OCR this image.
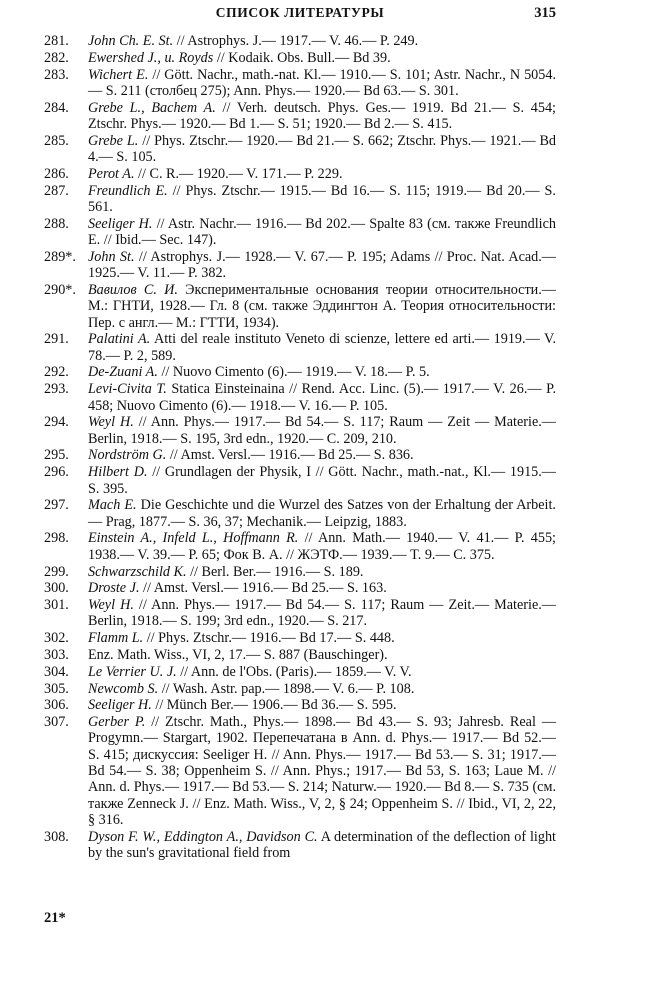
СПИСОК ЛИТЕРАТУРЫ	315

281. John Ch. E. St. // Astrophys. J.— 1917.— V. 46.— P. 249.

282. Ewershed J., u. Royds // Kodaik. Obs. Bull.— Bd 39.

283. Wichert E. // Gött. Nachr., math.-nat. Kl.— 1910.— S. 101; Astr. Nachr., N 5054.— S. 211 (столбец 275); Ann. Phys.— 1920.— Bd 63.— S. 301.

284. Grebe L., Bachem A. // Verh. deutsch. Phys. Ges.— 1919. Bd 21.— S. 454; Ztschr. Phys.— 1920.— Bd 1.— S. 51; 1920.— Bd 2.— S. 415.

285. Grebe L. // Phys. Ztschr.— 1920.— Bd 21.— S. 662; Ztschr. Phys.— 1921.— Bd 4.— S. 105.

286. Perot A. // C. R.— 1920.— V. 171.— P. 229.

287. Freundlich E. // Phys. Ztschr.— 1915.— Bd 16.— S. 115; 1919.— Bd 20.— S. 561.

288. Seeliger H. // Astr. Nachr.— 1916.— Bd 202.— Spalte 83 (см. также Freundlich E. // Ibid.— Sec. 147).

289*. John St. // Astrophys. J.— 1928.— V. 67.— P. 195; Adams // Proc. Nat. Acad.— 1925.— V. 11.— P. 382.

290*. Вавилов С. И. Экспериментальные основания теории относительности.— М.: ГНТИ, 1928.— Гл. 8 (см. также Эддингтон А. Теория относительности: Пер. с англ.— М.: ГТТИ, 1934).

291. Palatini A. Atti del reale instituto Veneto di scienze, lettere ed arti.— 1919.— V. 78.— P. 2, 589.

292. De-Zuani A. // Nuovo Cimento (6).— 1919.— V. 18.— P. 5.

293. Levi-Civita T. Statica Einsteinaina // Rend. Acc. Linc. (5).— 1917.— V. 26.— P. 458; Nuovo Cimento (6).— 1918.— V. 16.— P. 105.

294. Weyl H. // Ann. Phys.— 1917.— Bd 54.— S. 117; Raum — Zeit — Materie.— Berlin, 1918.— S. 195, 3rd edn., 1920.— C. 209, 210.

295. Nordström G. // Amst. Versl.— 1916.— Bd 25.— S. 836.

296. Hilbert D. // Grundlagen der Physik, I // Gött. Nachr., math.-nat., Kl.— 1915.— S. 395.

297. Mach E. Die Geschichte und die Wurzel des Satzes von der Erhaltung der Arbeit.— Prag, 1877.— S. 36, 37; Mechanik.— Leipzig, 1883.

298. Einstein A., Infeld L., Hoffmann R. // Ann. Math.— 1940.— V. 41.— P. 455; 1938.— V. 39.— P. 65; Фок В. А. // ЖЭТФ.— 1939.— T. 9.— C. 375.

299. Schwarzschild K. // Berl. Ber.— 1916.— S. 189.

300. Droste J. // Amst. Versl.— 1916.— Bd 25.— S. 163.

301. Weyl H. // Ann. Phys.— 1917.— Bd 54.— S. 117; Raum — Zeit.— Materie.— Berlin, 1918.— S. 199; 3rd edn., 1920.— S. 217.

302. Flamm L. // Phys. Ztschr.— 1916.— Bd 17.— S. 448.

303. Enz. Math. Wiss., VI, 2, 17.— S. 887 (Bauschinger).

304. Le Verrier U. J. // Ann. de l'Obs. (Paris).— 1859.— V. V.

305. Newcomb S. // Wash. Astr. pap.— 1898.— V. 6.— P. 108.

306. Seeliger H. // Münch Ber.— 1906.— Bd 36.— S. 595.

307. Gerber P. // Ztschr. Math., Phys.— 1898.— Bd 43.— S. 93; Jahresb. Real — Progymn.— Stargart, 1902. Перепечатана в Ann. d. Phys.— 1917.— Bd 52.— S. 415; дискуссия: Seeliger H. // Ann. Phys.— 1917.— Bd 53.— S. 31; 1917.— Bd 54.— S. 38; Oppenheim S. // Ann. Phys.; 1917.— Bd 53, S. 163; Laue M. // Ann. d. Phys.— 1917.— Bd 53.— S. 214; Naturw.— 1920.— Bd 8.— S. 735 (см. также Zenneck J. // Enz. Math. Wiss., V, 2, § 24; Oppenheim S. // Ibid., VI, 2, 22, § 316.

308. Dyson F. W., Eddington A., Davidson C. A determination of the deflection of light by the sun's gravitational field from

21*
